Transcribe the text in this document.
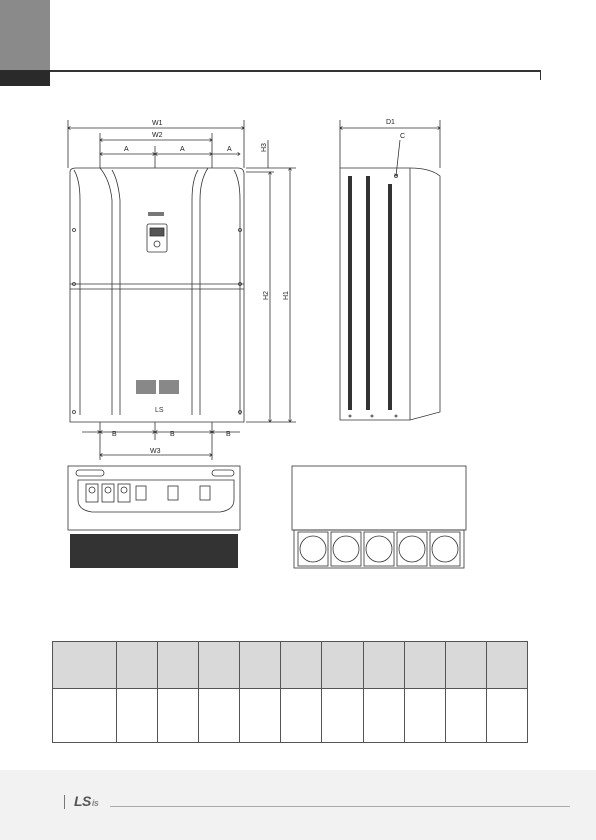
LS
W1
W2
A	A	A
B	B	B
W3
H1
H2
H3
D1
C

LSis
